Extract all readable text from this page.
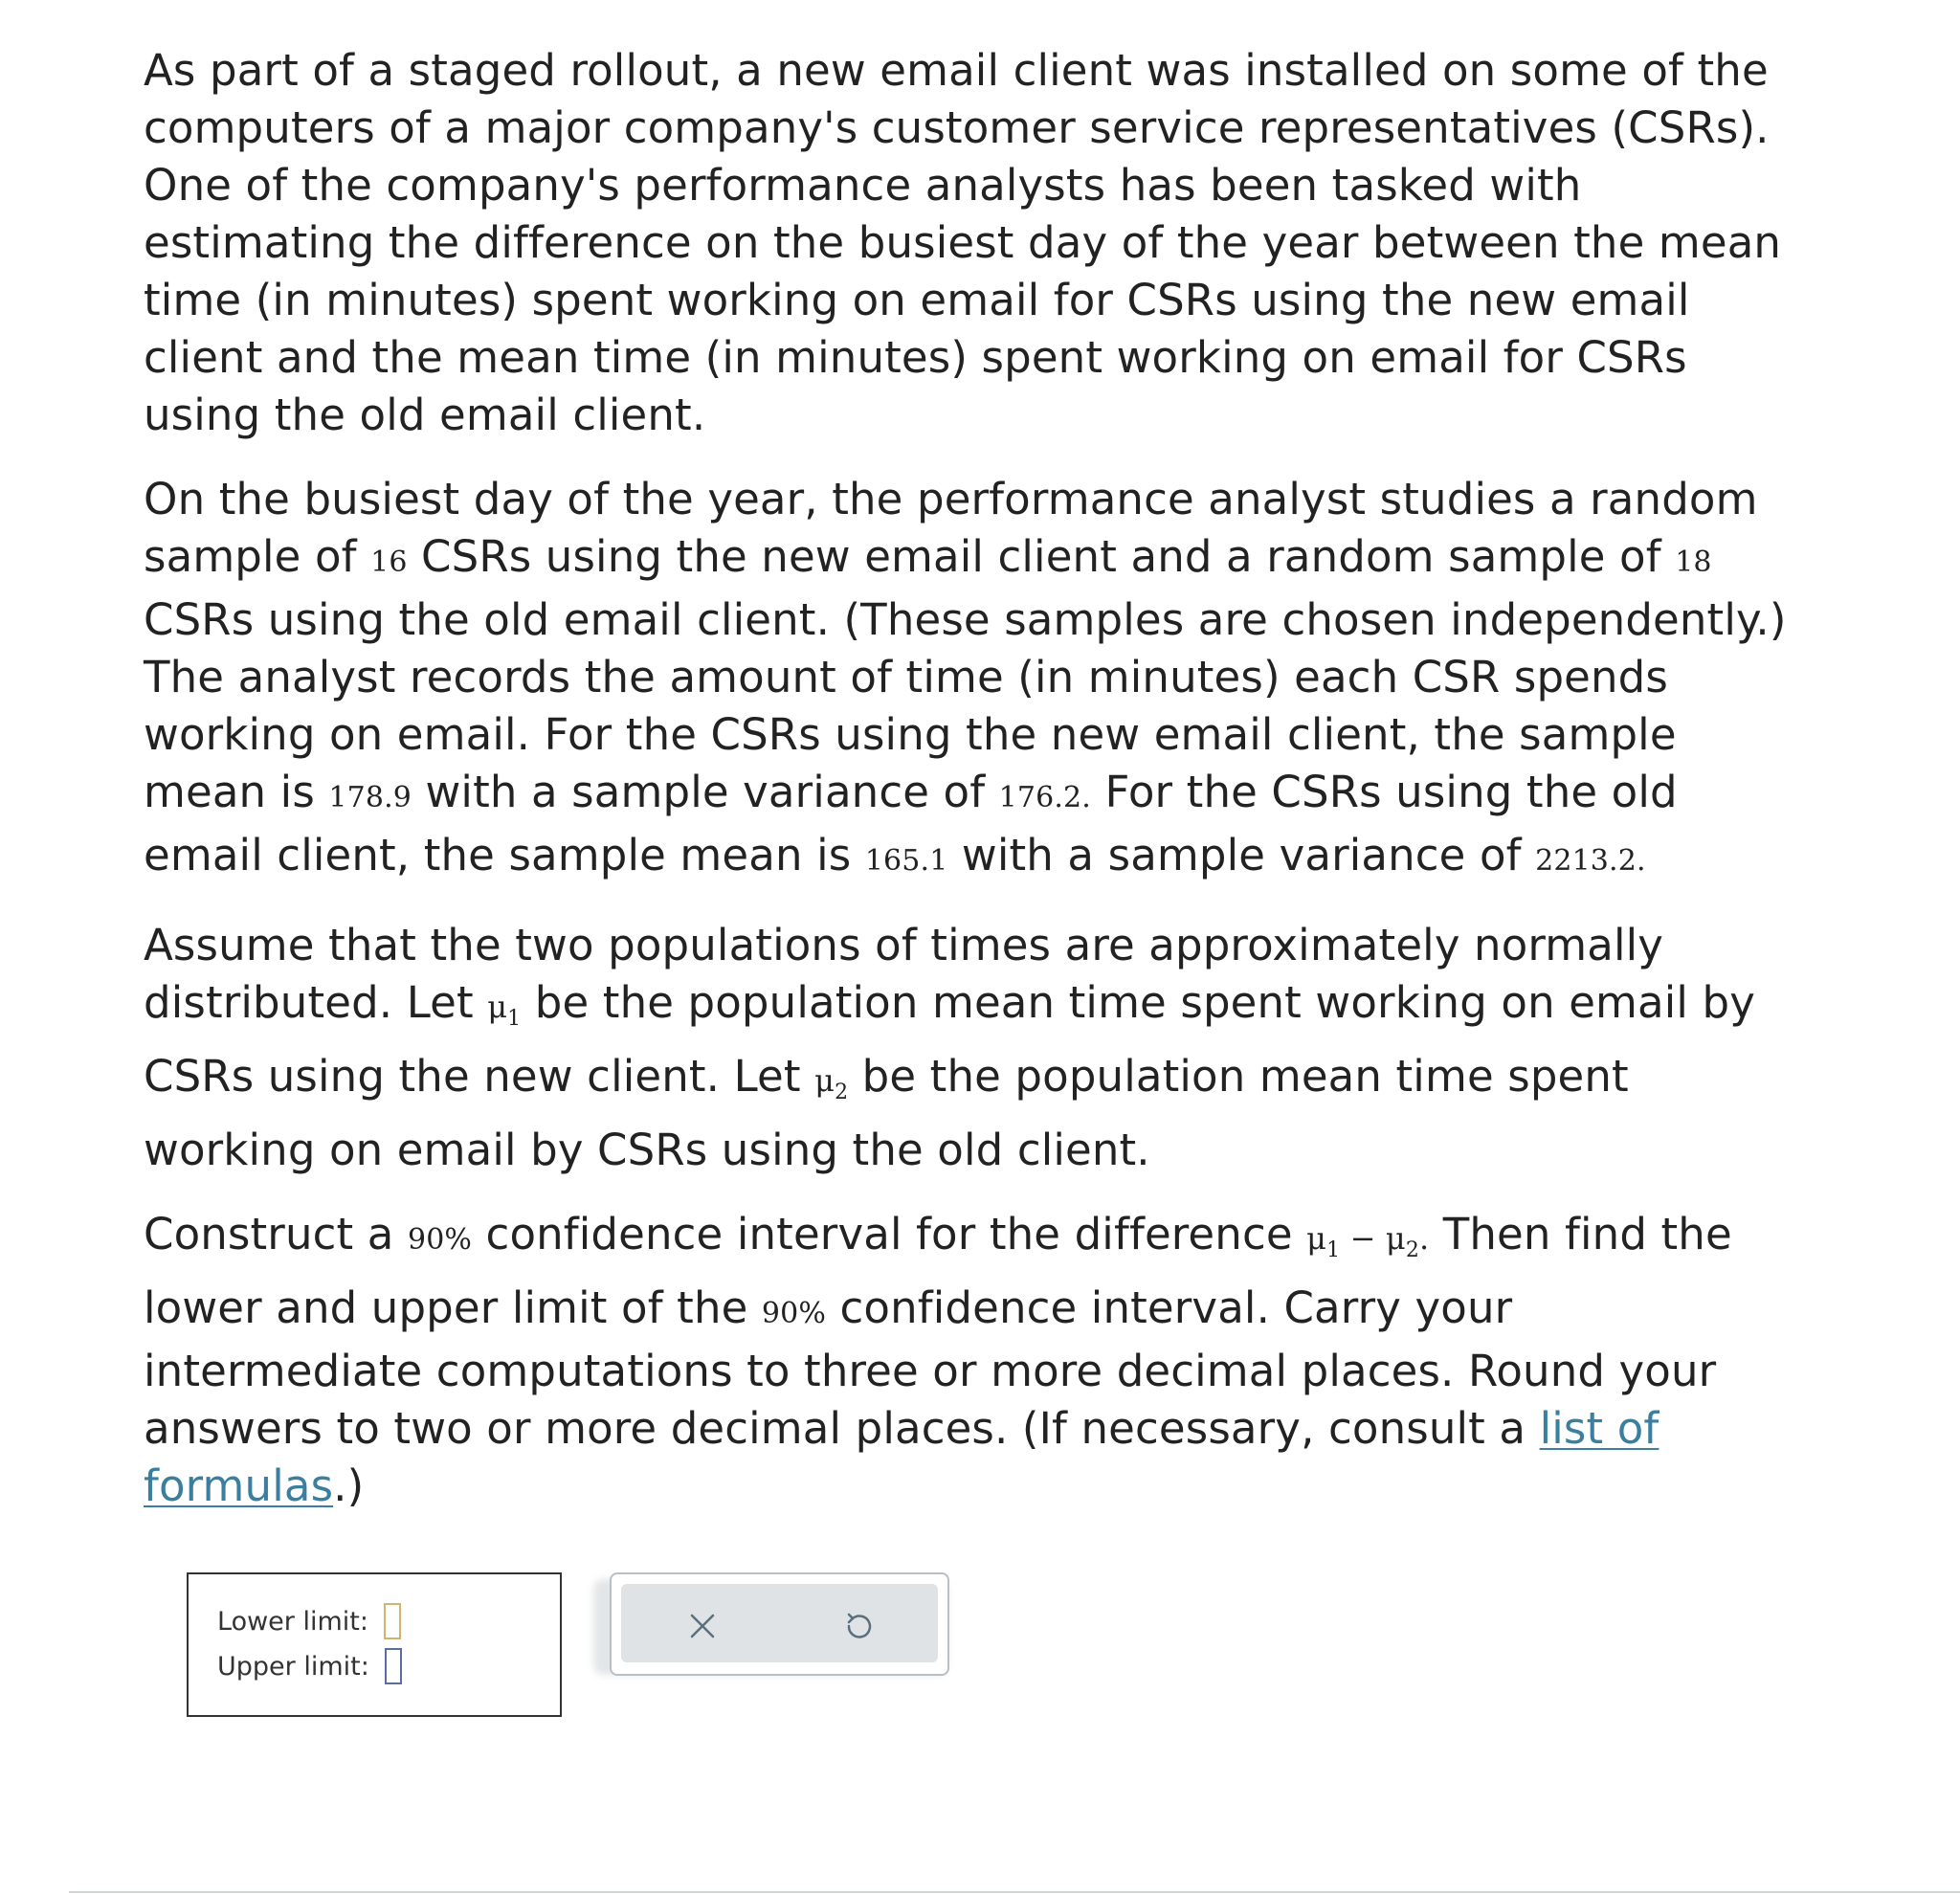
As part of a staged rollout, a new email client was installed on some of the computers of a major company's customer service representatives (CSRs). One of the company's performance analysts has been tasked with estimating the difference on the busiest day of the year between the mean time (in minutes) spent working on email for CSRs using the new email client and the mean time (in minutes) spent working on email for CSRs using the old email client.

On the busiest day of the year, the performance analyst studies a random sample of 16 CSRs using the new email client and a random sample of 18 CSRs using the old email client. (These samples are chosen independently.) The analyst records the amount of time (in minutes) each CSR spends working on email. For the CSRs using the new email client, the sample mean is 178.9 with a sample variance of 176.2. For the CSRs using the old email client, the sample mean is 165.1 with a sample variance of 2213.2.

Assume that the two populations of times are approximately normally distributed. Let $\mu_1$ be the population mean time spent working on email by CSRs using the new client. Let $\mu_2$ be the population mean time spent working on email by CSRs using the old client.

Construct a 90% confidence interval for the difference $\mu_1 - \mu_2$. Then find the lower and upper limit of the 90% confidence interval. Carry your intermediate computations to three or more decimal places. Round your answers to two or more decimal places. (If necessary, consult a list of formulas.)

Lower limit:
Upper limit:
